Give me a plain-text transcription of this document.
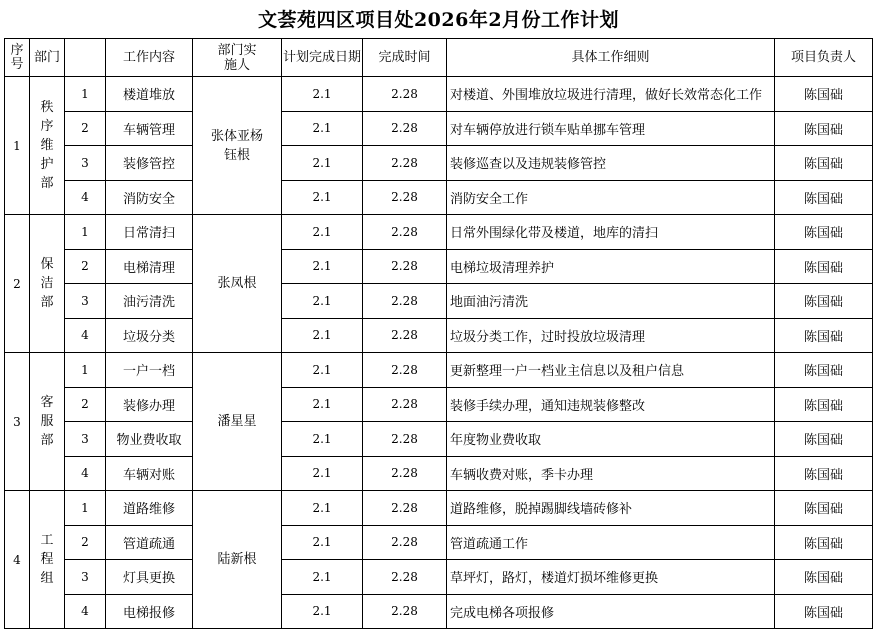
文荟苑四区项目处2026年2月份工作计划
序号	部门		工作内容	部门实施人	计划完成日期	完成时间	具体工作细则	项目负责人
1	秩序维护部	1	楼道堆放	张体亚杨钰根	2.1	2.28	对楼道、外围堆放垃圾进行清理，做好长效常态化工作	陈国础
		2	车辆管理		2.1	2.28	对车辆停放进行锁车贴单挪车管理	陈国础
		3	装修管控		2.1	2.28	装修巡查以及违规装修管控	陈国础
		4	消防安全		2.1	2.28	消防安全工作	陈国础
2	保洁部	1	日常清扫	张凤根	2.1	2.28	日常外围绿化带及楼道，地库的清扫	陈国础
		2	电梯清理		2.1	2.28	电梯垃圾清理养护	陈国础
		3	油污清洗		2.1	2.28	地面油污清洗	陈国础
		4	垃圾分类		2.1	2.28	垃圾分类工作，过时投放垃圾清理	陈国础
3	客服部	1	一户一档	潘星星	2.1	2.28	更新整理一户一档业主信息以及租户信息	陈国础
		2	装修办理		2.1	2.28	装修手续办理，通知违规装修整改	陈国础
		3	物业费收取		2.1	2.28	年度物业费收取	陈国础
		4	车辆对账		2.1	2.28	车辆收费对账，季卡办理	陈国础
4	工程组	1	道路维修	陆新根	2.1	2.28	道路维修，脱掉踢脚线墙砖修补	陈国础
		2	管道疏通		2.1	2.28	管道疏通工作	陈国础
		3	灯具更换		2.1	2.28	草坪灯，路灯，楼道灯损坏维修更换	陈国础
		4	电梯报修		2.1	2.28	完成电梯各项报修	陈国础
